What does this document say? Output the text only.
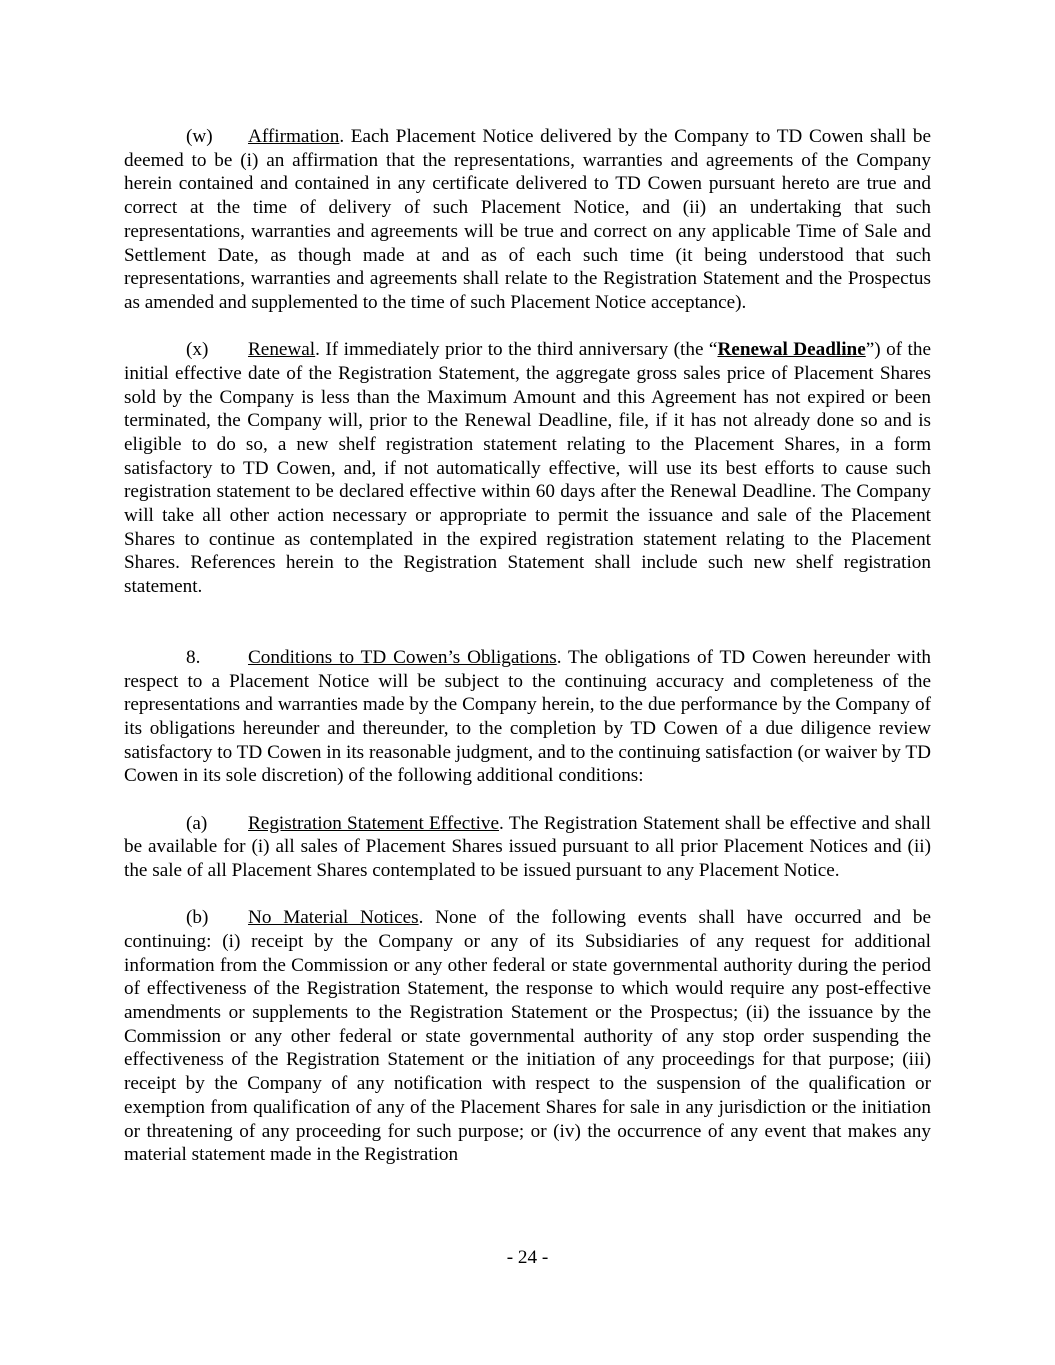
(w) Affirmation. Each Placement Notice delivered by the Company to TD Cowen shall be deemed to be (i) an affirmation that the representations, warranties and agreements of the Company herein contained and contained in any certificate delivered to TD Cowen pursuant hereto are true and correct at the time of delivery of such Placement Notice, and (ii) an undertaking that such representations, warranties and agreements will be true and correct on any applicable Time of Sale and Settlement Date, as though made at and as of each such time (it being understood that such representations, warranties and agreements shall relate to the Registration Statement and the Prospectus as amended and supplemented to the time of such Placement Notice acceptance).

(x) Renewal. If immediately prior to the third anniversary (the “Renewal Deadline”) of the initial effective date of the Registration Statement, the aggregate gross sales price of Placement Shares sold by the Company is less than the Maximum Amount and this Agreement has not expired or been terminated, the Company will, prior to the Renewal Deadline, file, if it has not already done so and is eligible to do so, a new shelf registration statement relating to the Placement Shares, in a form satisfactory to TD Cowen, and, if not automatically effective, will use its best efforts to cause such registration statement to be declared effective within 60 days after the Renewal Deadline. The Company will take all other action necessary or appropriate to permit the issuance and sale of the Placement Shares to continue as contemplated in the expired registration statement relating to the Placement Shares. References herein to the Registration Statement shall include such new shelf registration statement.

8. Conditions to TD Cowen’s Obligations. The obligations of TD Cowen hereunder with respect to a Placement Notice will be subject to the continuing accuracy and completeness of the representations and warranties made by the Company herein, to the due performance by the Company of its obligations hereunder and thereunder, to the completion by TD Cowen of a due diligence review satisfactory to TD Cowen in its reasonable judgment, and to the continuing satisfaction (or waiver by TD Cowen in its sole discretion) of the following additional conditions:

(a) Registration Statement Effective. The Registration Statement shall be effective and shall be available for (i) all sales of Placement Shares issued pursuant to all prior Placement Notices and (ii) the sale of all Placement Shares contemplated to be issued pursuant to any Placement Notice.

(b) No Material Notices. None of the following events shall have occurred and be continuing: (i) receipt by the Company or any of its Subsidiaries of any request for additional information from the Commission or any other federal or state governmental authority during the period of effectiveness of the Registration Statement, the response to which would require any post-effective amendments or supplements to the Registration Statement or the Prospectus; (ii) the issuance by the Commission or any other federal or state governmental authority of any stop order suspending the effectiveness of the Registration Statement or the initiation of any proceedings for that purpose; (iii) receipt by the Company of any notification with respect to the suspension of the qualification or exemption from qualification of any of the Placement Shares for sale in any jurisdiction or the initiation or threatening of any proceeding for such purpose; or (iv) the occurrence of any event that makes any material statement made in the Registration

- 24 -
